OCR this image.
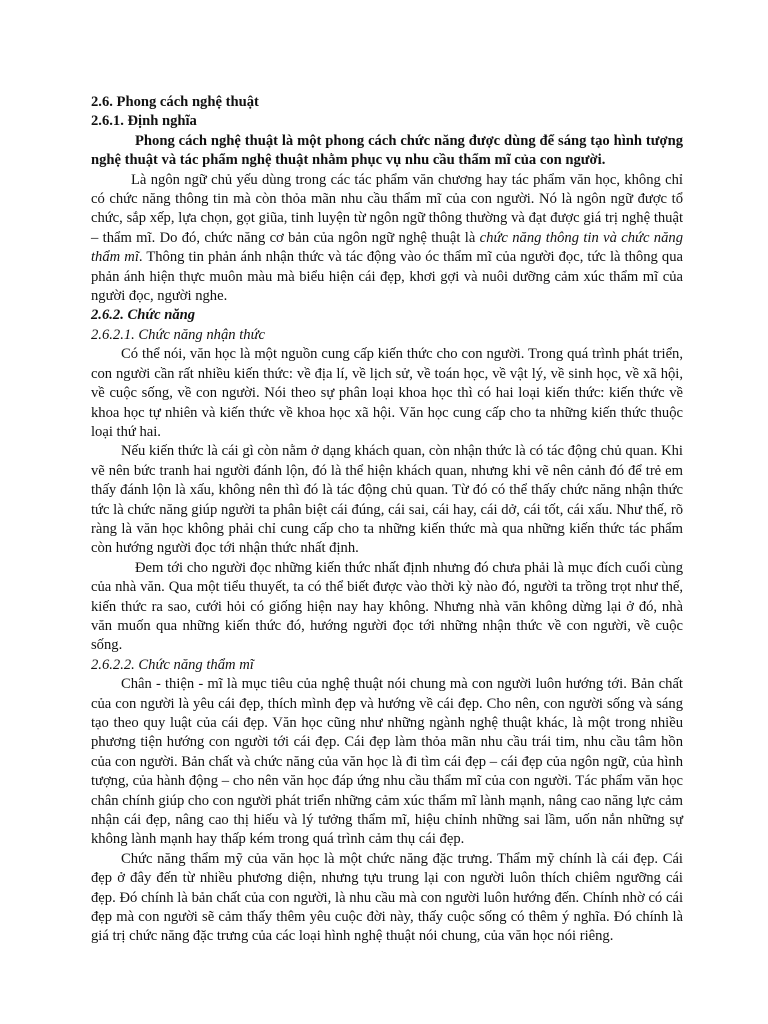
2.6. Phong cách nghệ thuật
2.6.1. Định nghĩa

Phong cách nghệ thuật là một phong cách chức năng được dùng để sáng tạo hình tượng nghệ thuật và tác phẩm nghệ thuật nhằm phục vụ nhu cầu thẩm mĩ của con người.

Là ngôn ngữ chủ yếu dùng trong các tác phẩm văn chương hay tác phẩm văn học, không chỉ có chức năng thông tin mà còn thỏa mãn nhu cầu thẩm mĩ của con người. Nó là ngôn ngữ được tổ chức, sắp xếp, lựa chọn, gọt giũa, tinh luyện từ ngôn ngữ thông thường và đạt được giá trị nghệ thuật – thẩm mĩ. Do đó, chức năng cơ bản của ngôn ngữ nghệ thuật là chức năng thông tin và chức năng thẩm mĩ. Thông tin phản ánh nhận thức và tác động vào óc thẩm mĩ của người đọc, tức là thông qua phản ánh hiện thực muôn màu mà biểu hiện cái đẹp, khơi gợi và nuôi dưỡng cảm xúc thẩm mĩ của người đọc, người nghe.

2.6.2. Chức năng
2.6.2.1. Chức năng nhận thức

Có thể nói, văn học là một nguồn cung cấp kiến thức cho con người. Trong quá trình phát triển, con người cần rất nhiều kiến thức: về địa lí, về lịch sử, về toán học, về vật lý, về sinh học, về xã hội, về cuộc sống, về con người. Nói theo sự phân loại khoa học thì có hai loại kiến thức: kiến thức về khoa học tự nhiên và kiến thức về khoa học xã hội. Văn học cung cấp cho ta những kiến thức thuộc loại thứ hai.

Nếu kiến thức là cái gì còn nằm ở dạng khách quan, còn nhận thức là có tác động chủ quan. Khi vẽ nên bức tranh hai người đánh lộn, đó là thể hiện khách quan, nhưng khi vẽ nên cảnh đó để trẻ em thấy đánh lộn là xấu, không nên thì đó là tác động chủ quan. Từ đó có thể thấy chức năng nhận thức tức là chức năng giúp người ta phân biệt cái đúng, cái sai, cái hay, cái dở, cái tốt, cái xấu. Như thế, rõ ràng là văn học không phải chỉ cung cấp cho ta những kiến thức mà qua những kiến thức tác phẩm còn hướng người đọc tới nhận thức nhất định.

Đem tới cho người đọc những kiến thức nhất định nhưng đó chưa phải là mục đích cuối cùng của nhà văn. Qua một tiểu thuyết, ta có thể biết được vào thời kỳ nào đó, người ta trồng trọt như thế, kiến thức ra sao, cưới hỏi có giống hiện nay hay không. Nhưng nhà văn không dừng lại ở đó, nhà văn muốn qua những kiến thức đó, hướng người đọc tới những nhận thức về con người, về cuộc sống.

2.6.2.2. Chức năng thẩm mĩ

Chân - thiện - mĩ là mục tiêu của nghệ thuật nói chung mà con người luôn hướng tới. Bản chất của con người là yêu cái đẹp, thích mình đẹp và hướng về cái đẹp. Cho nên, con người sống và sáng tạo theo quy luật của cái đẹp. Văn học cũng như những ngành nghệ thuật khác, là một trong nhiều phương tiện hướng con người tới cái đẹp. Cái đẹp làm thỏa mãn nhu cầu trái tim, nhu cầu tâm hồn của con người. Bản chất và chức năng của văn học là đi tìm cái đẹp – cái đẹp của ngôn ngữ, của hình tượng, của hành động – cho nên văn học đáp ứng nhu cầu thẩm mĩ của con người. Tác phẩm văn học chân chính giúp cho con người phát triển những cảm xúc thẩm mĩ lành mạnh, nâng cao năng lực cảm nhận cái đẹp, nâng cao thị hiếu và lý tưởng thẩm mĩ, hiệu chỉnh những sai lầm, uốn nắn những sự không lành mạnh hay thấp kém trong quá trình cảm thụ cái đẹp.

Chức năng thẩm mỹ của văn học là một chức năng đặc trưng. Thẩm mỹ chính là cái đẹp. Cái đẹp ở đây đến từ nhiều phương diện, nhưng tựu trung lại con người luôn thích chiêm ngưỡng cái đẹp. Đó chính là bản chất của con người, là nhu cầu mà con người luôn hướng đến. Chính nhờ có cái đẹp mà con người sẽ cảm thấy thêm yêu cuộc đời này, thấy cuộc sống có thêm ý nghĩa. Đó chính là giá trị chức năng đặc trưng của các loại hình nghệ thuật nói chung, của văn học nói riêng.
